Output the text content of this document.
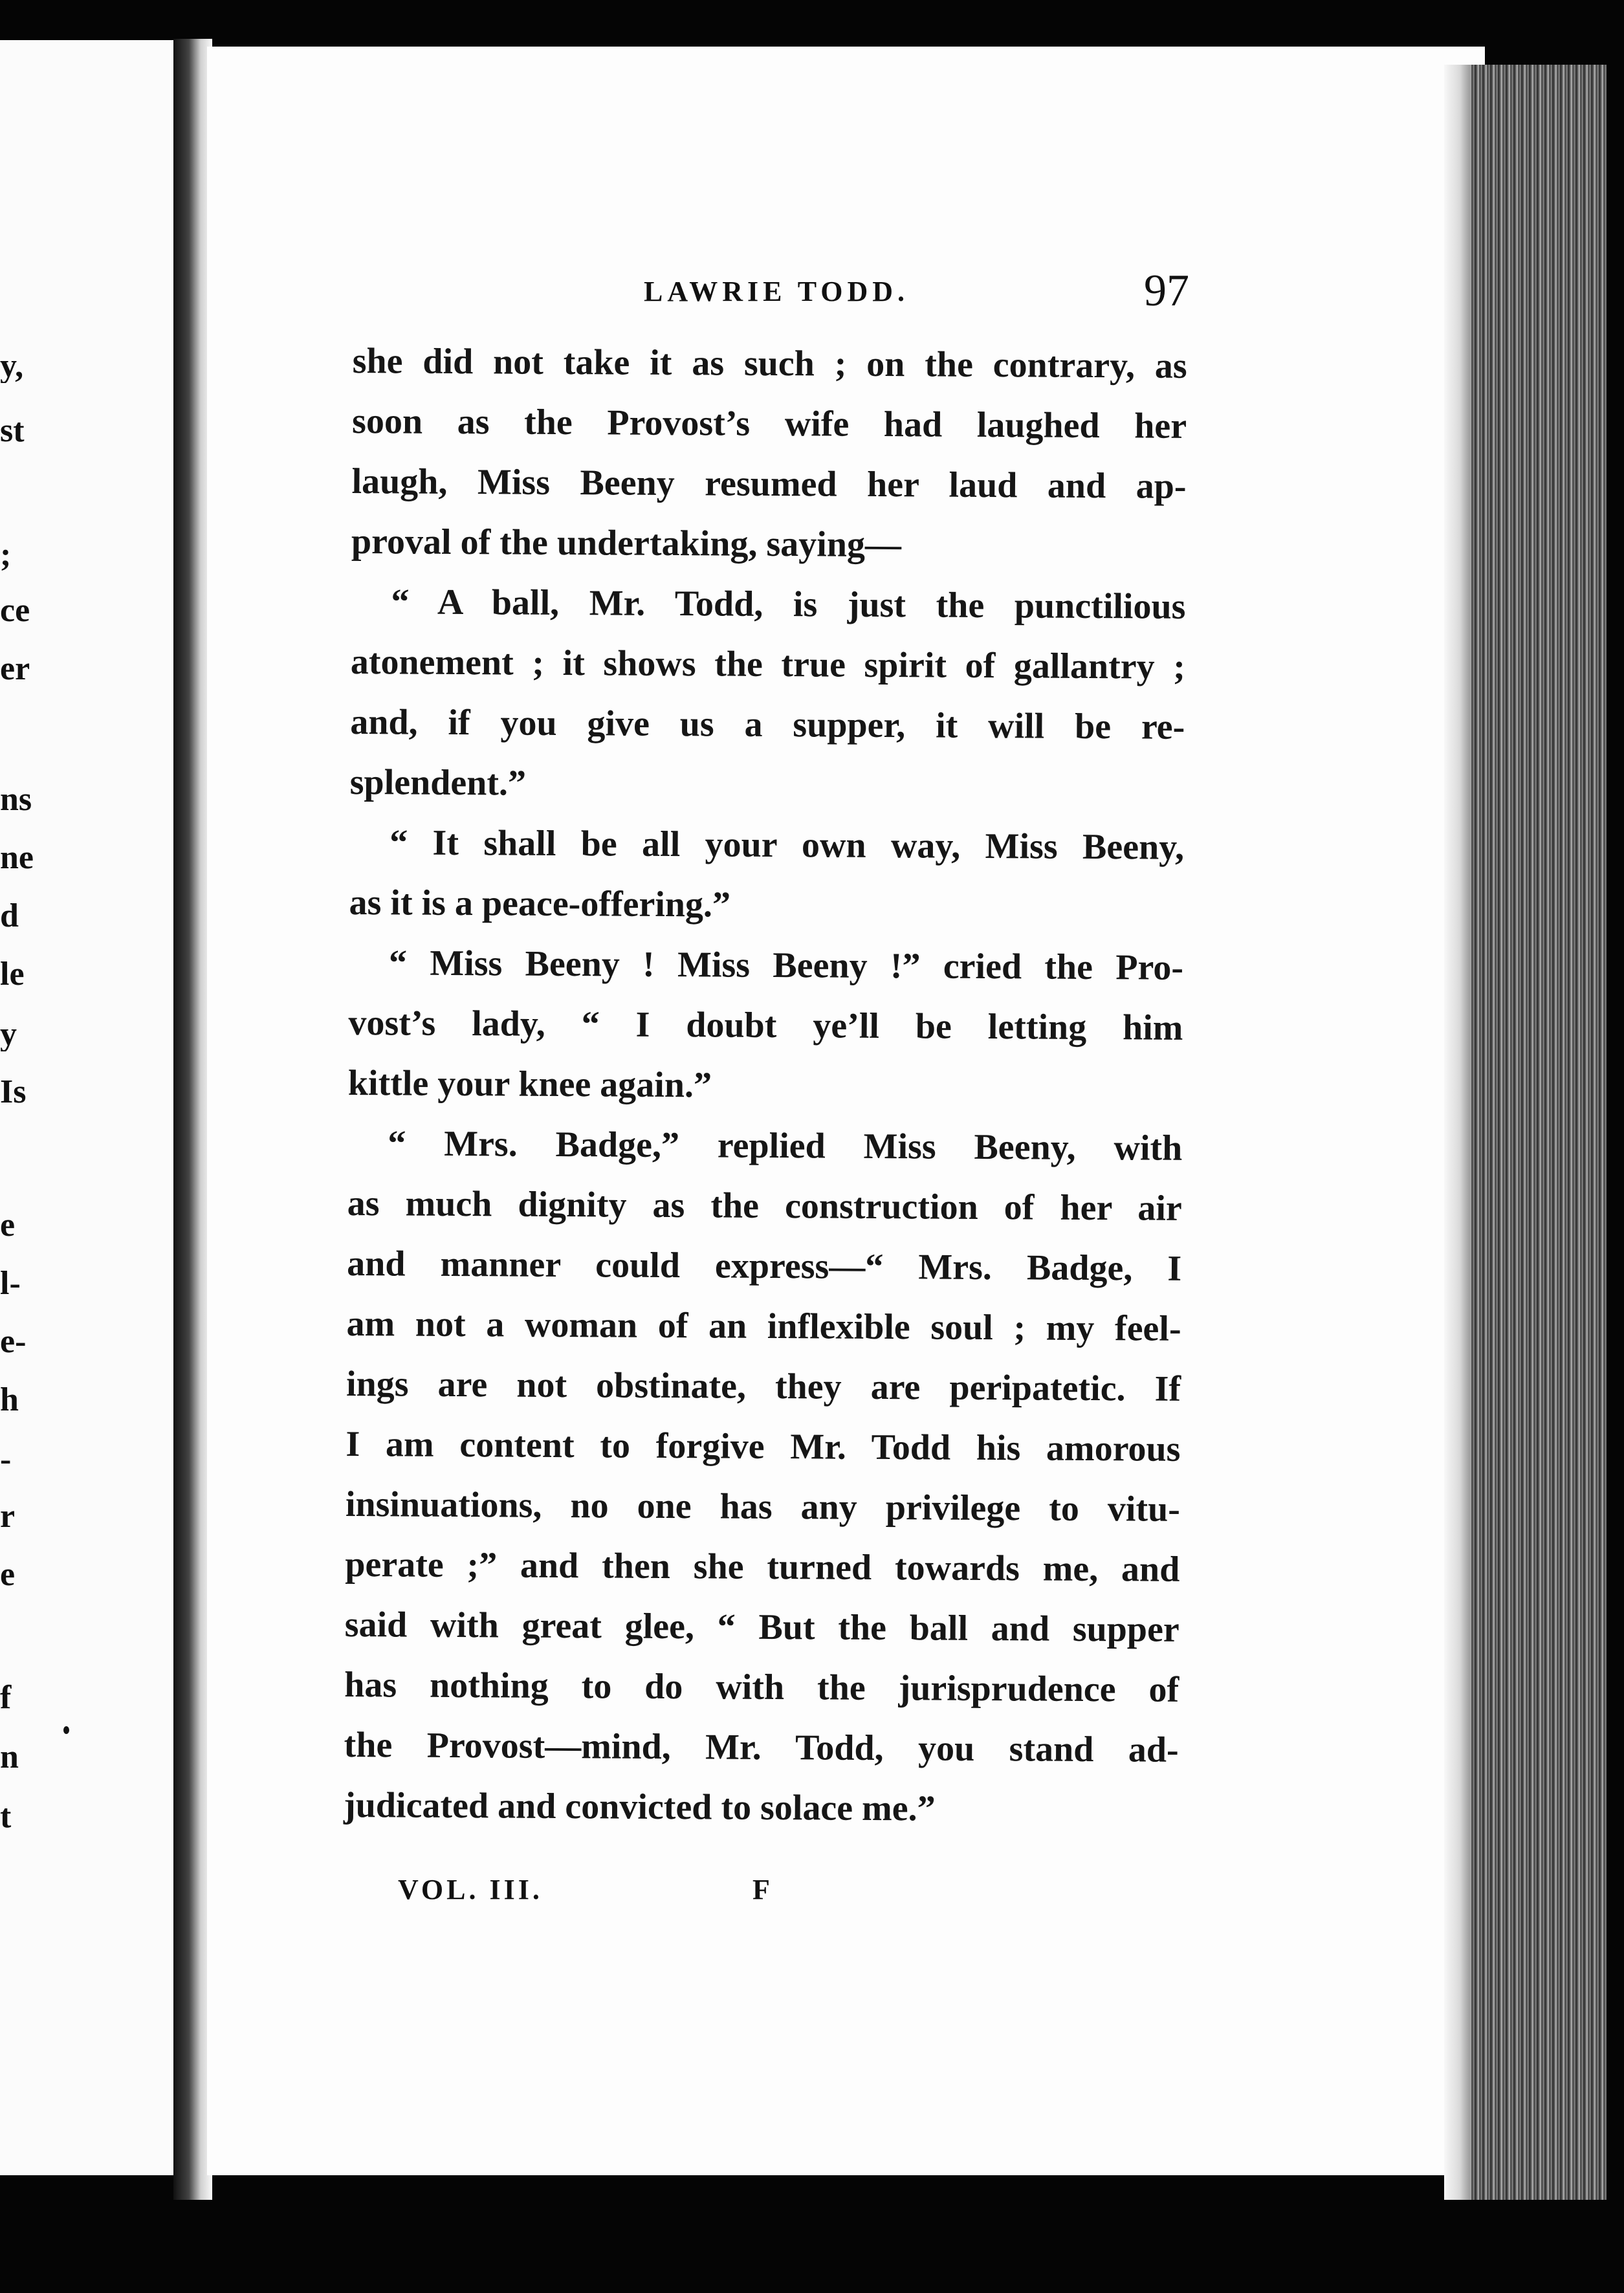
y,
st
;
ce
er
ns
ne
d
le
y
Is
e
l-
e-
h
-
r
e
f
n
t
LAWRIE TODD.	97
she did not take it as such ; on the contrary, as
soon as the Provost’s wife had laughed her
laugh, Miss Beeny resumed her laud and ap-
proval of the undertaking, saying—
“ A ball, Mr. Todd, is just the punctilious
atonement ; it shows the true spirit of gallantry ;
and, if you give us a supper, it will be re-
splendent.”
“ It shall be all your own way, Miss Beeny,
as it is a peace-offering.”
“ Miss Beeny ! Miss Beeny !” cried the Pro-
vost’s lady, “ I doubt ye’ll be letting him
kittle your knee again.”
“ Mrs. Badge,” replied Miss Beeny, with
as much dignity as the construction of her air
and manner could express—“ Mrs. Badge, I
am not a woman of an inflexible soul ; my feel-
ings are not obstinate, they are peripatetic. If
I am content to forgive Mr. Todd his amorous
insinuations, no one has any privilege to vitu-
perate ;” and then she turned towards me, and
said with great glee, “ But the ball and supper
has nothing to do with the jurisprudence of
the Provost—mind, Mr. Todd, you stand ad-
judicated and convicted to solace me.”
VOL. III.	F
